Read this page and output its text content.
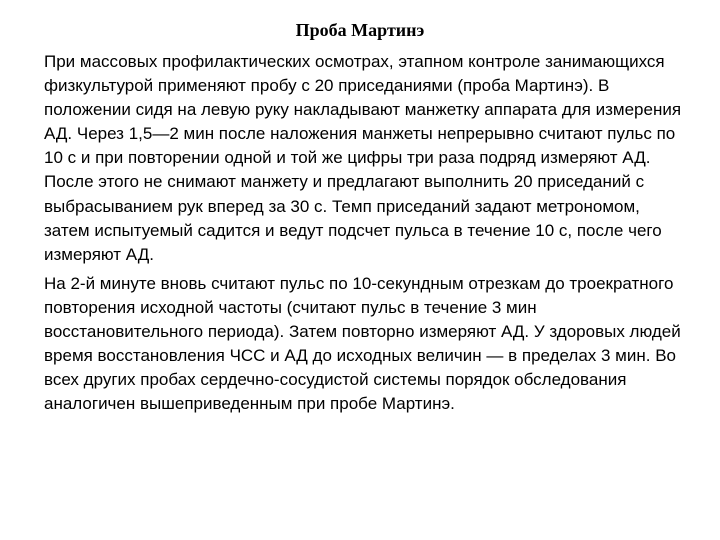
Проба Мартинэ

При массовых профилактических осмотрах, этапном контроле занимающихся физкультурой применяют пробу с 20 приседаниями (проба Мартинэ). В положении сидя на левую руку накладывают манжетку аппарата для измерения АД. Через 1,5—2 мин после наложения манжеты непрерывно считают пульс по 10 с и при повторении одной и той же цифры три раза подряд измеряют АД. После этого не снимают манжету и предлагают выполнить 20 приседаний с выбрасыванием рук вперед за 30 с. Темп приседаний задают метрономом, затем испытуемый садится и ведут подсчет пульса в течение 10 с, после чего измеряют АД.

На 2-й минуте вновь считают пульс по 10-секундным отрезкам до троекратного повторения исходной частоты (считают пульс в течение 3 мин восстановительного периода). Затем повторно измеряют АД. У здоровых людей время восстановления ЧСС и АД до исходных величин — в пределах 3 мин. Во всех других пробах сердечно-сосудистой системы порядок обследования аналогичен вышеприведенным при пробе Мартинэ.
